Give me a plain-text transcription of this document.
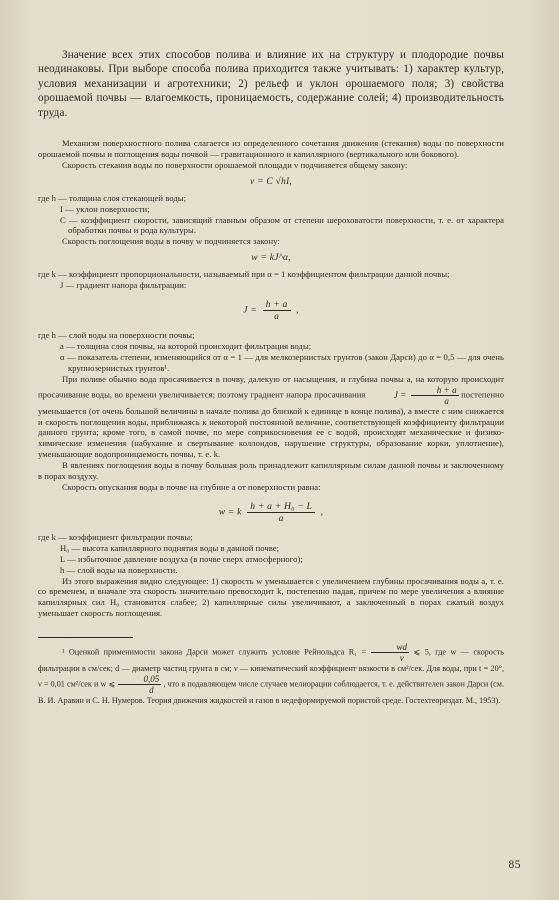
Значение всех этих способов полива и влияние их на структуру и плодородие почвы неодинаковы. При выборе способа полива приходится также учитывать: 1) характер культур, условия механизации и агротехники; 2) рельеф и уклон орошаемого поля; 3) свойства орошаемой почвы — влагоемкость, проницаемость, содержание солей; 4) производительность труда.

Механизм поверхностного полива слагается из определенного сочетания движения (стекания) воды по поверхности орошаемой почвы и поглощения воды почвой — гравитационного и капиллярного (вертикального или бокового).

Скорость стекания воды по поверхности орошаемой площади v подчиняется общему закону:

v = C √hI,

где h — толщина слоя стекающей воды;

I — уклон поверхности;

C — коэффициент скорости, зависящий главным образом от степени шероховатости поверхности, т. е. от характера обработки почвы и рода культуры.

Скорость поглощения воды в почву w подчиняется закону:

w = kJ^α,

где k — коэффициент пропорциональности, называемый при α = 1 коэффициентом фильтрации данной почвы;

J — градиент напора фильтрации:

$J = \frac{h + a}{a}$ ,

где h — слой воды на поверхности почвы;

a — толщина слоя почвы, на которой происходит фильтрация воды;

α — показатель степени, изменяющийся от α = 1 — для мелкозернистых грунтов (закон Дарси) до α = 0,5 — для очень крупнозернистых грунтов¹.

При поливе обычно вода просачивается в почву, далекую от насыщения, и глубина почвы a, на которую происходит просачивание воды, во времени увеличивается; поэтому градиент напора просачивания	$J = \frac{h + a}{a}$ постепенно уменьшается (от очень большой величины в начале полива до близкой к единице в конце полива), а вместе с ним снижается и скорость поглощения воды, приближаясь к некоторой постоянной величине, соответствующей коэффициенту фильтрации данного грунта; кроме того, в самой почве, по мере соприкосновения ее с водой, происходят механические и физико-химические изменения (набухание и свертывание коллоидов, нарушение структуры, образование корки, уплотнение), уменьшающие водопроницаемость почвы, т. е. k.

В явлениях поглощения воды в почву большая роль принадлежит капиллярным силам данной почвы и заключенному в порах воздуху.

Скорость опускания воды в почве на глубине a от поверхности равна:

w = k $\frac{\text{h + a + H₀ − L}}{a}$ ,

где k — коэффициент фильтрации почвы;

H₀ — высота капиллярного поднятия воды в данной почве;

L — избыточное давление воздуха (в почве сверх атмосферного);

h — слой воды на поверхности.

Из этого выражения видно следующее: 1) скорость w уменьшается с увеличением глубины просачивания воды a, т. е. со временем, и вначале эта скорость значительно превосходит k, постепенно падая, причем по мере увеличения a влияние капиллярных сил H₀ становится слабее; 2) капиллярные силы увеличивают, а заключенный в порах сжатый воздух уменьшает скорость поглощения.

¹ Оценкой применимости закона Дарси может служить условие Рейнольдса $R_1 = \frac{wd}{\nu}$ ⩽ 5, где w — скорость фильтрации в см/сек; d — диаметр частиц грунта в см; ν — кинематический коэффициент вязкости в см²/сек. Для воды, при t = 20°, ν = 0,01 см²/сек и w ⩽ $\frac{0,05}{d}$ , что в подавляющем числе случаев мелиорации соблюдается, т. е. действителен закон Дарси (см. В. И. Аравин и С. Н. Нумеров. Теория движения жидкостей и газов в недеформируемой пористой среде. Гостехтеориздат. М., 1953).

85
